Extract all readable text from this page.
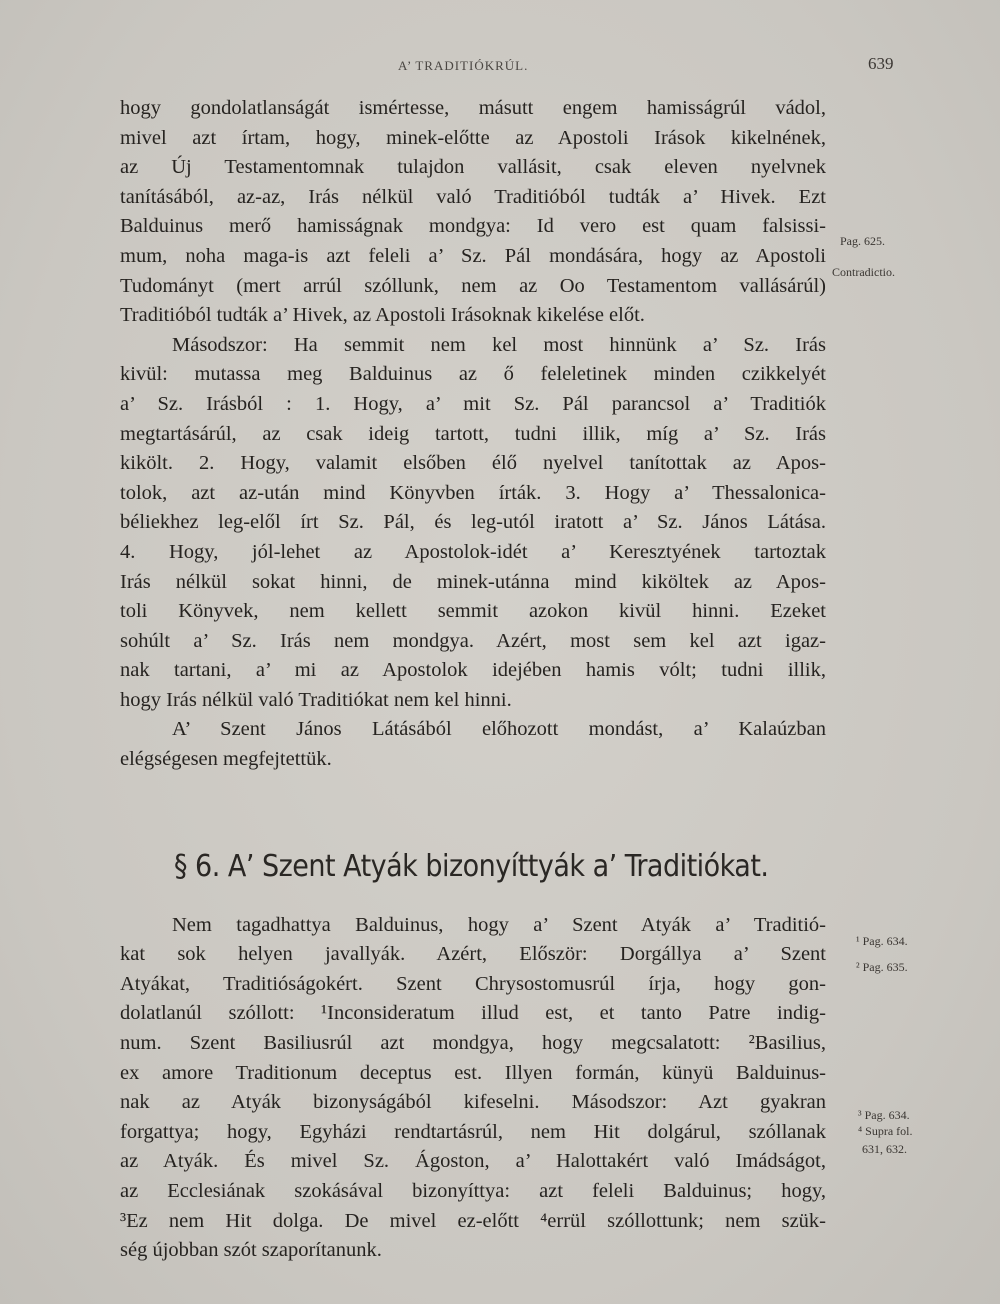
A’ TRADITIÓKRÚL.	639
hogy gondolatlanságát ismértesse, másutt engem hamisságrúl vádol,
mivel azt írtam, hogy, minek-előtte az Apostoli Irások kikelnének,
az Új Testamentomnak tulajdon vallásit, csak eleven nyelvnek
tanításából, az-az, Irás nélkül való Traditióból tudták a’ Hivek. Ezt
Balduinus merő hamisságnak mondgya: Id vero est quam falsissi-
mum, noha maga-is azt feleli a’ Sz. Pál mondására, hogy az Apostoli
Tudományt (mert arrúl szóllunk, nem az Oo Testamentom vallásárúl)
Traditióból tudták a’ Hivek, az Apostoli Irásoknak kikelése előt.
Másodszor: Ha semmit nem kel most hinnünk a’ Sz. Irás
kivül: mutassa meg Balduinus az ő feleletinek minden czikkelyét
a’ Sz. Irásból : 1. Hogy, a’ mit Sz. Pál parancsol a’ Traditiók
megtartásárúl, az csak ideig tartott, tudni illik, míg a’ Sz. Irás
kikölt. 2. Hogy, valamit elsőben élő nyelvel tanítottak az Apos-
tolok, azt az-után mind Könyvben írták. 3. Hogy a’ Thessalonica-
béliekhez leg-elől írt Sz. Pál, és leg-utól iratott a’ Sz. János Látása.
4. Hogy, jól-lehet az Apostolok-idét a’ Keresztyének tartoztak
Irás nélkül sokat hinni, de minek-utánna mind kiköltek az Apos-
toli Könyvek, nem kellett semmit azokon kivül hinni. Ezeket
sohúlt a’ Sz. Irás nem mondgya. Azért, most sem kel azt igaz-
nak tartani, a’ mi az Apostolok idejében hamis vólt; tudni illik,
hogy Irás nélkül való Traditiókat nem kel hinni.
A’ Szent János Látásából előhozott mondást, a’ Kalaúzban
elégségesen megfejtettük.
§ 6. A’ Szent Atyák bizonyíttyák a’ Traditiókat.
Nem tagadhattya Balduinus, hogy a’ Szent Atyák a’ Traditió-
kat sok helyen javallyák. Azért, Először: Dorgállya a’ Szent
Atyákat, Traditióságokért. Szent Chrysostomusrúl írja, hogy gon-
dolatlanúl szóllott: ¹Inconsideratum illud est, et tanto Patre indig-
num. Szent Basiliusrúl azt mondgya, hogy megcsalatott: ²Basilius,
ex amore Traditionum deceptus est. Illyen formán, künyü Balduinus-
nak az Atyák bizonyságából kifeselni. Másodszor: Azt gyakran
forgattya; hogy, Egyházi rendtartásrúl, nem Hit dolgárul, szóllanak
az Atyák. És mivel Sz. Ágoston, a’ Halottakért való Imádságot,
az Ecclesiának szokásával bizonyíttya: azt feleli Balduinus; hogy,
³Ez nem Hit dolga. De mivel ez-előtt ⁴errül szóllottunk; nem szük-
ség újobban szót szaporítanunk.
Pag. 625.
Contradictio.
¹ Pag. 634.
² Pag. 635.
³ Pag. 634.
⁴ Supra fol.
631, 632.
